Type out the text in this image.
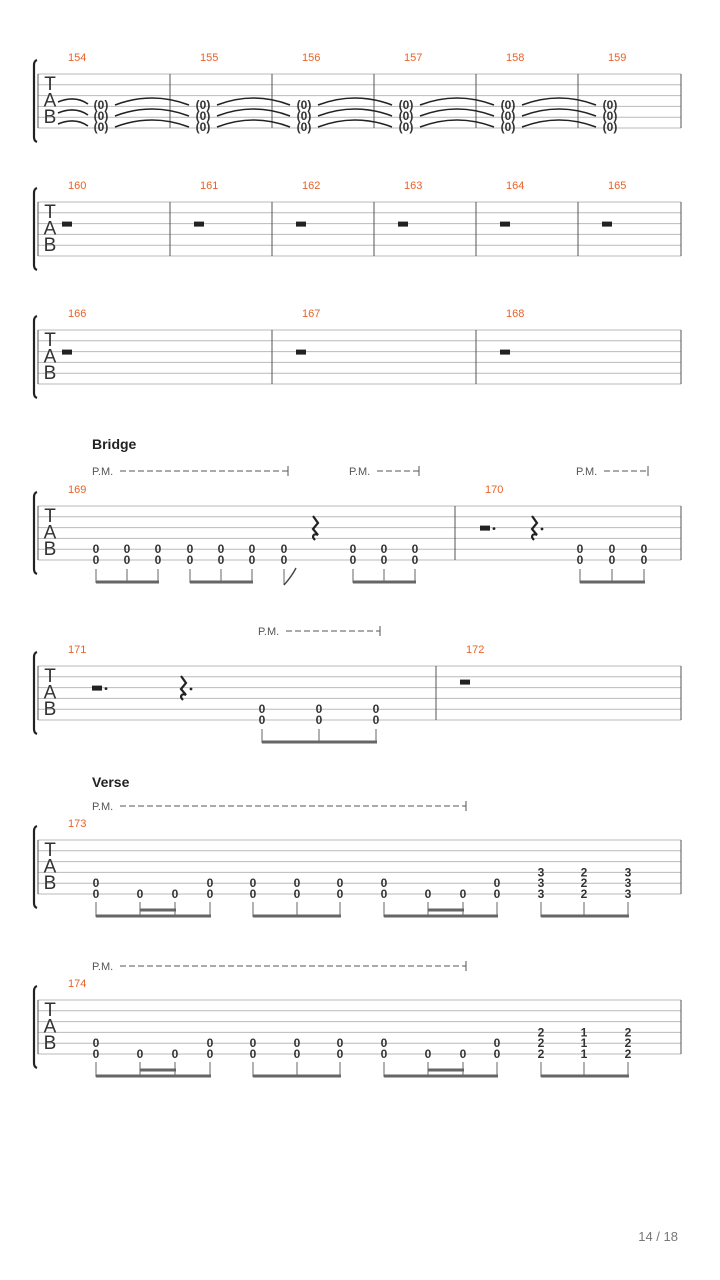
T
A
B
154	155	156	157	158	159
(0)
(0)
(0)
(0)
(0)
(0)
(0)
(0)
(0)
(0)
(0)
(0)
(0)
(0)
(0)
(0)
(0)
(0)
T
A
B
160	161	162	163	164	165
T
A
B
166	167	168
T
A
B
169	170
Bridge
P.M.	P.M.	P.M.
0
0
0
0
0
0
0
0
0
0
0
0
0
0
0
0
0
0
0
0
0
0
0
0
0
0
T
A
B
171	172
P.M.
0
0
0
0
0
0
T
A
B
173
Verse
P.M.
0
0	0 0
0
0
0
0
0
0
0
0
0
0	0 0
0
0
3
3
3
2
2
2
3
3
3
T
A
B
174
P.M.
0
0	0 0
0
0
0
0
0
0
0
0
0
0	0 0
0
0
2
2
2
1
1
1
2
2
2
14 / 18
